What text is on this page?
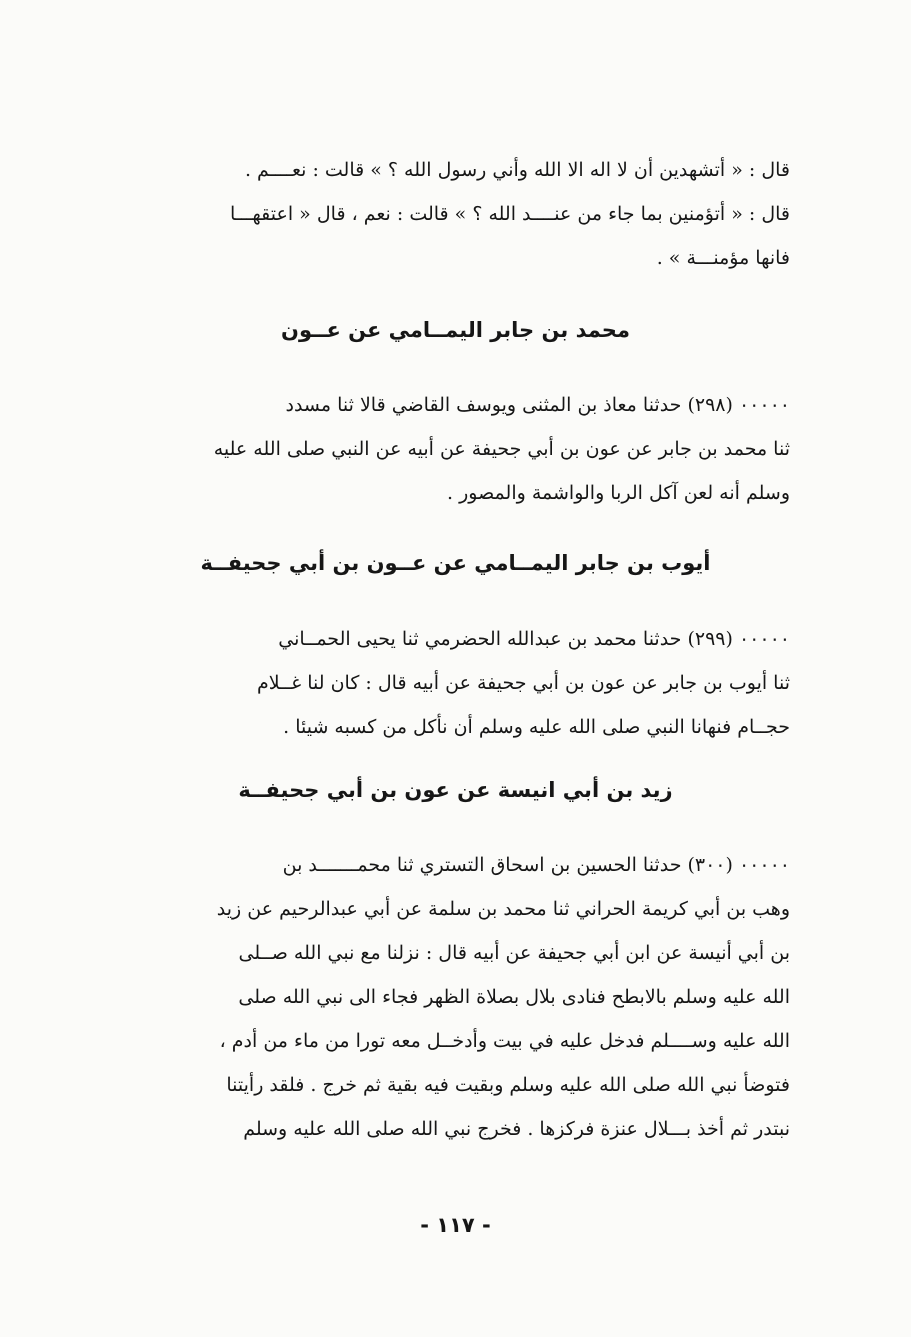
قال : « أتشهدين أن لا اله الا الله وأني رسول الله ؟ » قالت : نعــــم .
قال : « أتؤمنين بما جاء من عنــــد الله ؟ » قالت : نعم ، قال « اعتقهـــا
فانها مؤمنـــة » .
محمد بن جابر اليمــامي عن عــون
٠٠٠٠٠ (٢٩٨) حدثنا معاذ بن المثنى ويوسف القاضي قالا ثنا مسدد
ثنا محمد بن جابر عن عون بن أبي جحيفة عن أبيه عن النبي صلى الله عليه
وسلم أنه لعن آكل الربا والواشمة والمصور .
أيوب بن جابر اليمــامي عن عــون بن أبي جحيفــة
٠٠٠٠٠ (٢٩٩) حدثنا محمد بن عبدالله الحضرمي ثنا يحيى الحمــاني
ثنا أيوب بن جابر عن عون بن أبي جحيفة عن أبيه قال : كان لنا غــلام
حجــام فنهانا النبي صلى الله عليه وسلم أن نأكل من كسبه شيئا .
زيد بن أبي انيسة عن عون بن أبي جحيفــة
٠٠٠٠٠ (٣٠٠) حدثنا الحسين بن اسحاق التستري ثنا محمـــــــد بن
وهب بن أبي كريمة الحراني ثنا محمد بن سلمة عن أبي عبدالرحيم عن زيد
بن أبي أنيسة عن ابن أبي جحيفة عن أبيه قال : نزلنا مع نبي الله صــلى
الله عليه وسلم بالابطح فنادى بلال بصلاة الظهر فجاء الى نبي الله صلى
الله عليه وســــلم فدخل عليه في بيت وأدخــل معه تورا من ماء من أدم ،
فتوضأ نبي الله صلى الله عليه وسلم وبقيت فيه بقية ثم خرج . فلقد رأيتنا
نبتدر ثم أخذ بـــلال عنزة فركزها . فخرج نبي الله صلى الله عليه وسلم
- ١١٧ -
